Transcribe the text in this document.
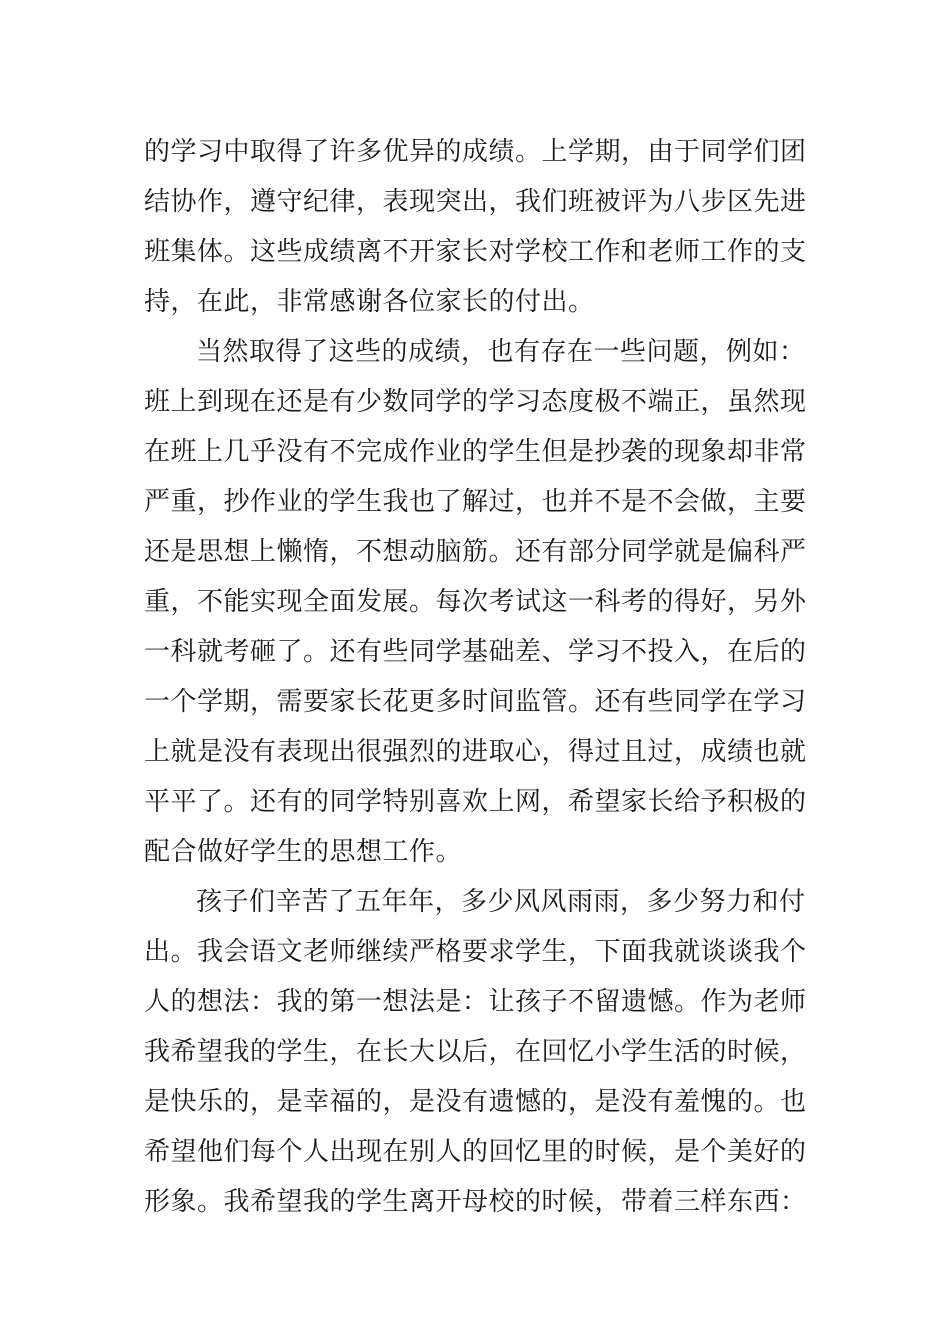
的学习中取得了许多优异的成绩。上学期，由于同学们团
结协作，遵守纪律，表现突出，我们班被评为八步区先进
班集体。这些成绩离不开家长对学校工作和老师工作的支
持，在此，非常感谢各位家长的付出。
当然取得了这些的成绩，也有存在一些问题，例如：
班上到现在还是有少数同学的学习态度极不端正，虽然现
在班上几乎没有不完成作业的学生但是抄袭的现象却非常
严重，抄作业的学生我也了解过，也并不是不会做，主要
还是思想上懒惰，不想动脑筋。还有部分同学就是偏科严
重，不能实现全面发展。每次考试这一科考的得好，另外
一科就考砸了。还有些同学基础差、学习不投入，在后的
一个学期，需要家长花更多时间监管。还有些同学在学习
上就是没有表现出很强烈的进取心，得过且过，成绩也就
平平了。还有的同学特别喜欢上网，希望家长给予积极的
配合做好学生的思想工作。
孩子们辛苦了五年年，多少风风雨雨，多少努力和付
出。我会语文老师继续严格要求学生，下面我就谈谈我个
人的想法：我的第一想法是：让孩子不留遗憾。作为老师
我希望我的学生，在长大以后，在回忆小学生活的时候，
是快乐的，是幸福的，是没有遗憾的，是没有羞愧的。也
希望他们每个人出现在别人的回忆里的时候，是个美好的
形象。我希望我的学生离开母校的时候，带着三样东西：
